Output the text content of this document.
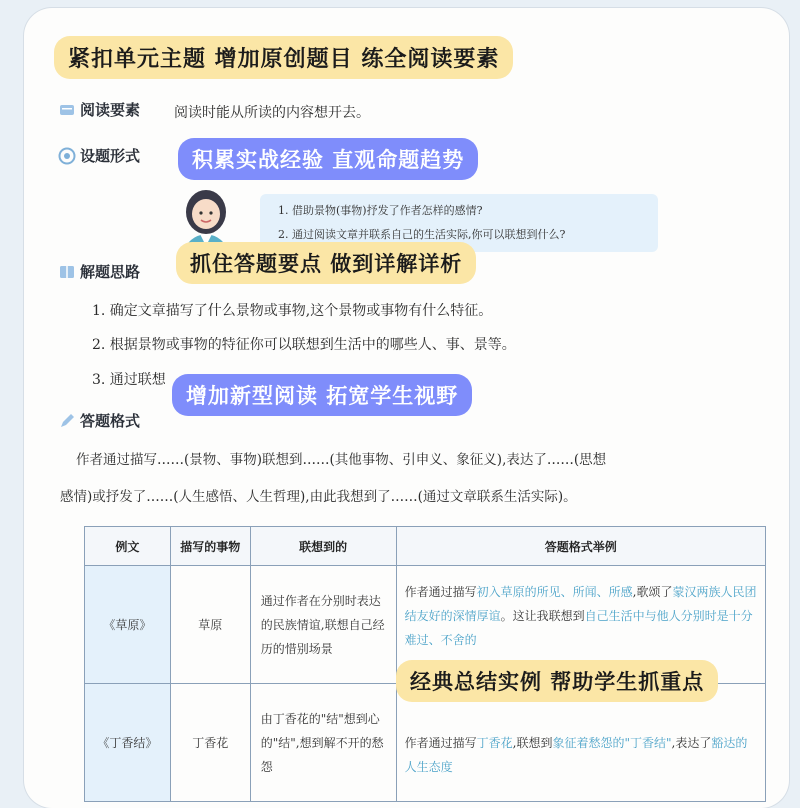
紧扣单元主题 增加原创题目 练全阅读要素
阅读要素 阅读时能从所读的内容想开去。
设题形式	积累实战经验 直观命题趋势
1. 借助景物(事物)抒发了作者怎样的感情?
2. 通过阅读文章并联系自己的生活实际,你可以联想到什么?
解题思路	抓住答题要点 做到详解详析
1. 确定文章描写了什么景物或事物,这个景物或事物有什么特征。
2. 根据景物或事物的特征你可以联想到生活中的哪些人、事、景等。
3. 通过联想
答题格式
增加新型阅读 拓宽学生视野
作者通过描写……(景物、事物)联想到……(其他事物、引申义、象征义),表达了……(思想
感情)或抒发了……(人生感悟、人生哲理),由此我想到了……(通过文章联系生活实际)。
例文	描写的事物	联想到的	答题格式举例
《草原》	草原	通过作者在分别时表达的民族情谊,联想自己经历的惜别场景	作者通过描写初入草原的所见、所闻、所感,歌颂了蒙汉两族人民团结友好的深情厚谊。这让我联想到自己生活中与他人分别时是十分难过、不舍的
《丁香结》	丁香花	由丁香花的"结"想到心的"结",想到解不开的愁怨	作者通过描写丁香花,联想到象征着愁怨的"丁香结",表达了豁达的人生态度
经典总结实例 帮助学生抓重点
